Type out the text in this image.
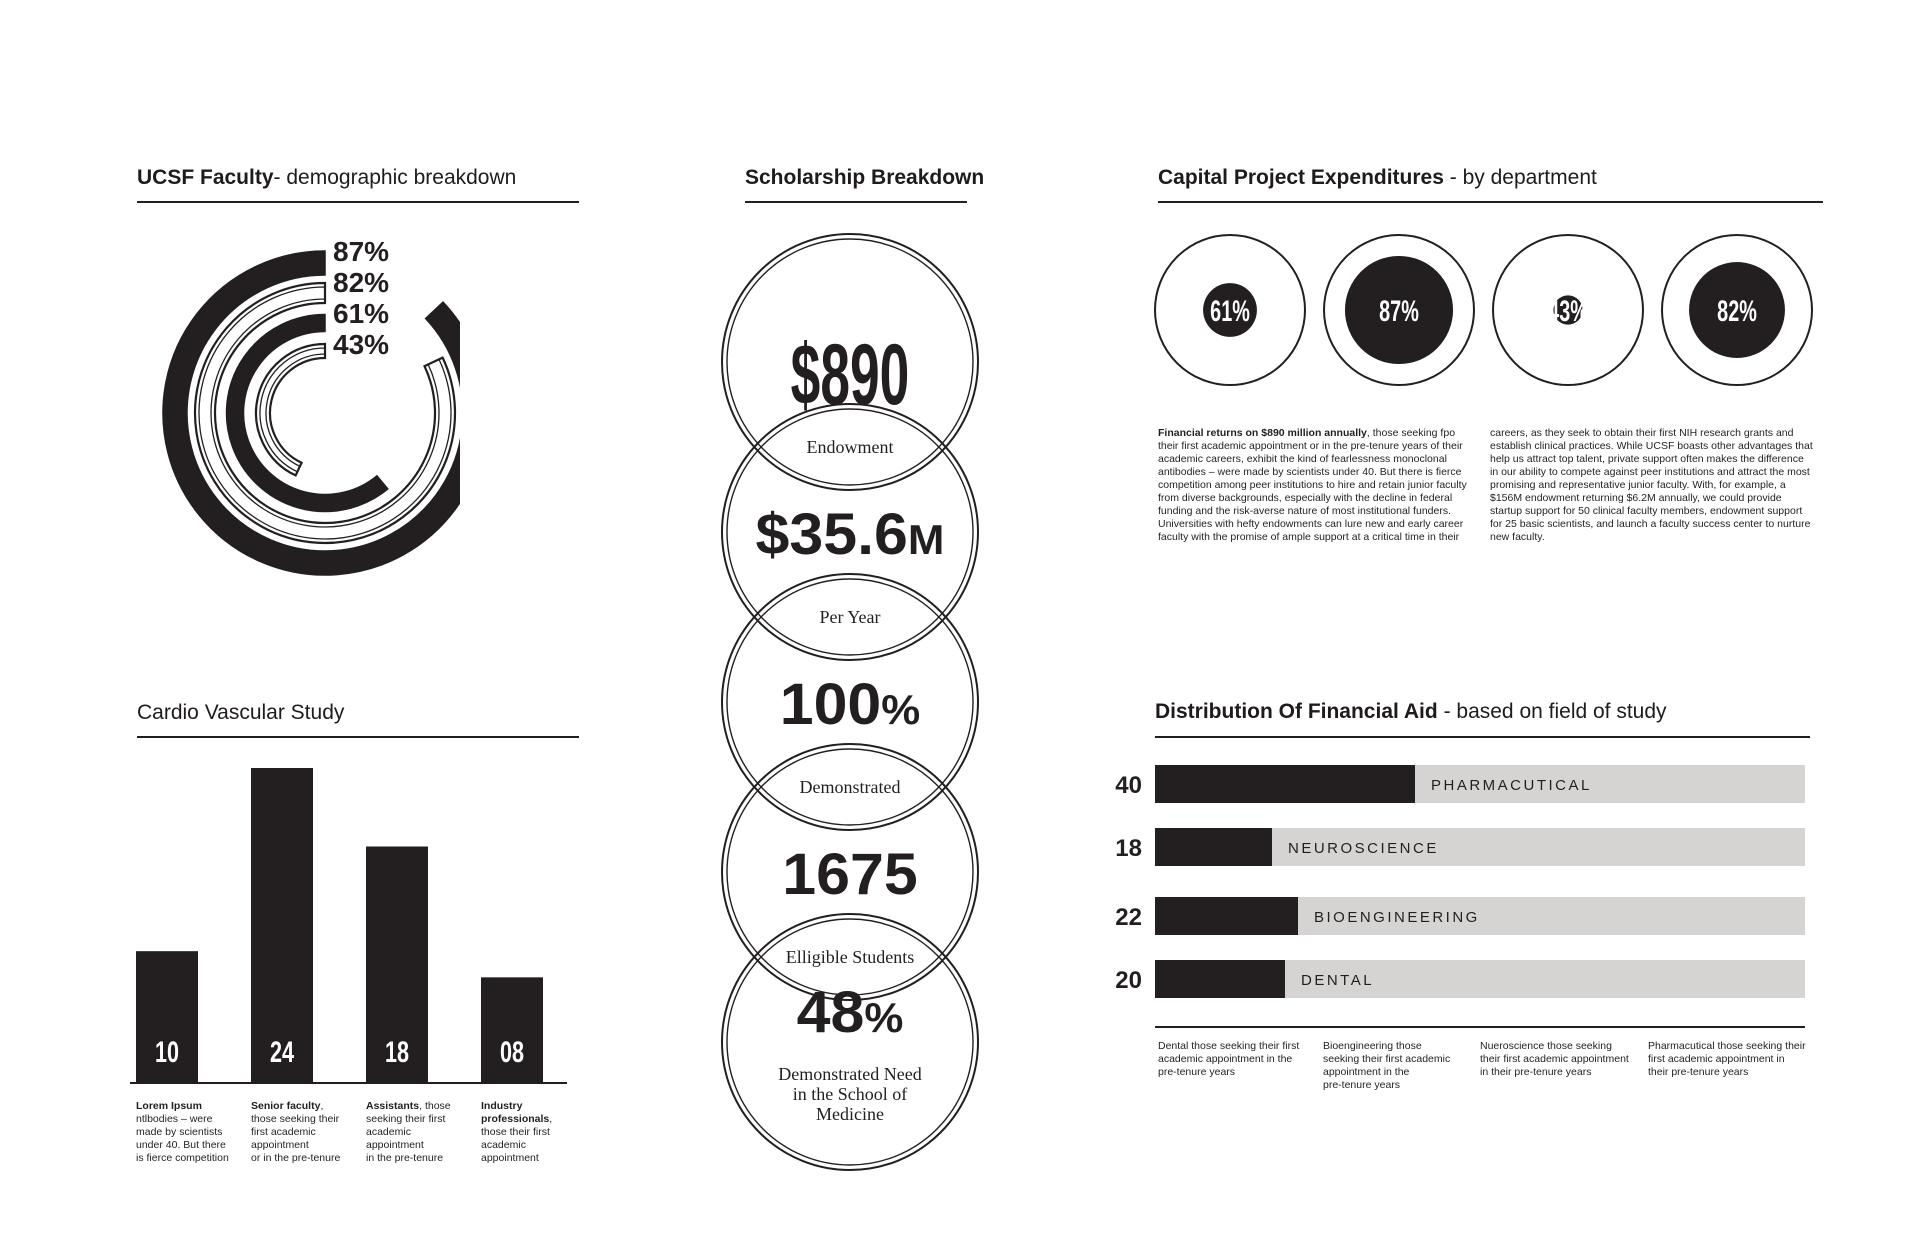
UCSF Faculty- demographic breakdown
87%
82%
61%
43%
Cardio Vascular Study
10	24	18	08
Lorem Ipsum
ntlbodies – were
made by scientists
under 40. But there
is fierce competition
Senior faculty,
those seeking their
first academic
appointment
or in the pre-tenure
Assistants, those
seeking their first
academic
appointment
in the pre-tenure
Industry
professionals,
those their first
academic
appointment
Scholarship Breakdown
$890
$35.6M
100%
1675
48%
Endowment
Per Year
Demonstrated
Elligible Students
Demonstrated Need
in the School of
Medicine
Capital Project Expenditures - by department
61%	87%	43%	82%
Financial returns on $890 million annually, those seeking fpo
their first academic appointment or in the pre-tenure years of their
academic careers, exhibit the kind of fearlessness monoclonal
antibodies – were made by scientists under 40. But there is fierce
competition among peer institutions to hire and retain junior faculty
from diverse backgrounds, especially with the decline in federal
funding and the risk-averse nature of most institutional funders.
Universities with hefty endowments can lure new and early career
faculty with the promise of ample support at a critical time in their
careers, as they seek to obtain their first NIH research grants and
establish clinical practices. While UCSF boasts other advantages that
help us attract top talent, private support often makes the difference
in our ability to compete against peer institutions and attract the most
promising and representative junior faculty. With, for example, a
$156M endowment returning $6.2M annually, we could provide
startup support for 50 clinical faculty members, endowment support
for 25 basic scientists, and launch a faculty success center to nurture
new faculty.
Distribution Of Financial Aid - based on field of study
40	PHARMACUTICAL
18	NEUROSCIENCE
22	BIOENGINEERING
20	DENTAL
Dental those seeking their first
academic appointment in the
pre-tenure years
Bioengineering those
seeking their first academic
appointment in the
pre-tenure years
Nueroscience those seeking
their first academic appointment
in their pre-tenure years
Pharmacutical those seeking their
first academic appointment in
their pre-tenure years
